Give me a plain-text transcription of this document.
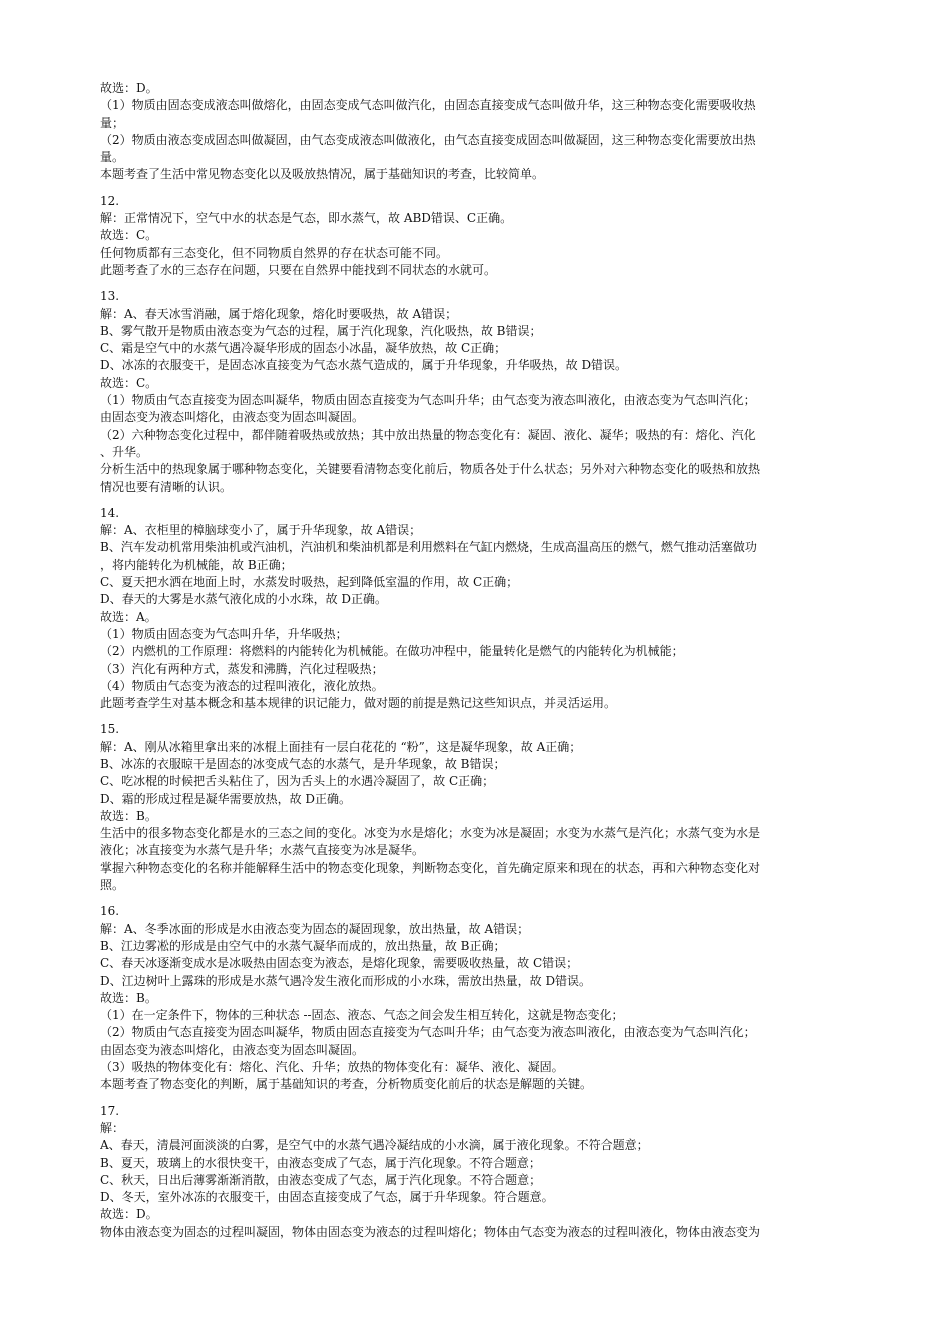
故选：D。
（1）物质由固态变成液态叫做熔化，由固态变成气态叫做汽化，由固态直接变成气态叫做升华，这三种物态变化需要吸收热
量；
（2）物质由液态变成固态叫做凝固，由气态变成液态叫做液化，由气态直接变成固态叫做凝固，这三种物态变化需要放出热
量。
本题考查了生活中常见物态变化以及吸放热情况，属于基础知识的考查，比较简单。
12.
解：正常情况下，空气中水的状态是气态，即水蒸气，故 ABD错误、C正确。
故选：C。
任何物质都有三态变化，但不同物质自然界的存在状态可能不同。
此题考查了水的三态存在问题，只要在自然界中能找到不同状态的水就可。
13.
解：A、春天冰雪消融，属于熔化现象，熔化时要吸热，故 A错误；
B、雾气散开是物质由液态变为气态的过程，属于汽化现象，汽化吸热，故 B错误；
C、霜是空气中的水蒸气遇冷凝华形成的固态小冰晶，凝华放热，故 C正确；
D、冰冻的衣服变干，是固态冰直接变为气态水蒸气造成的，属于升华现象，升华吸热，故 D错误。
故选：C。
（1）物质由气态直接变为固态叫凝华，物质由固态直接变为气态叫升华；由气态变为液态叫液化，由液态变为气态叫汽化；
由固态变为液态叫熔化，由液态变为固态叫凝固。
（2）六种物态变化过程中，都伴随着吸热或放热；其中放出热量的物态变化有：凝固、液化、凝华；吸热的有：熔化、汽化
、升华。
分析生活中的热现象属于哪种物态变化，关键要看清物态变化前后，物质各处于什么状态；另外对六种物态变化的吸热和放热
情况也要有清晰的认识。
14.
解：A、衣柜里的樟脑球变小了，属于升华现象，故 A错误；
B、汽车发动机常用柴油机或汽油机，汽油机和柴油机都是利用燃料在气缸内燃烧，生成高温高压的燃气，燃气推动活塞做功
，将内能转化为机械能，故 B正确；
C、夏天把水洒在地面上时，水蒸发时吸热，起到降低室温的作用，故 C正确；
D、春天的大雾是水蒸气液化成的小水珠，故 D正确。
故选：A。
（1）物质由固态变为气态叫升华，升华吸热；
（2）内燃机的工作原理：将燃料的内能转化为机械能。在做功冲程中，能量转化是燃气的内能转化为机械能；
（3）汽化有两种方式，蒸发和沸腾，汽化过程吸热；
（4）物质由气态变为液态的过程叫液化，液化放热。
此题考查学生对基本概念和基本规律的识记能力，做对题的前提是熟记这些知识点，并灵活运用。
15.
解：A、刚从冰箱里拿出来的冰棍上面挂有一层白花花的 “粉”，这是凝华现象，故 A正确；
B、冰冻的衣服晾干是固态的冰变成气态的水蒸气，是升华现象，故 B错误；
C、吃冰棍的时候把舌头粘住了，因为舌头上的水遇冷凝固了，故 C正确；
D、霜的形成过程是凝华需要放热，故 D正确。
故选：B。
生活中的很多物态变化都是水的三态之间的变化。冰变为水是熔化；水变为冰是凝固；水变为水蒸气是汽化；水蒸气变为水是
液化；冰直接变为水蒸气是升华；水蒸气直接变为冰是凝华。
掌握六种物态变化的名称并能解释生活中的物态变化现象，判断物态变化，首先确定原来和现在的状态，再和六种物态变化对
照。
16.
解：A、冬季冰面的形成是水由液态变为固态的凝固现象，放出热量，故 A错误；
B、江边雾凇的形成是由空气中的水蒸气凝华而成的，放出热量，故 B正确；
C、春天冰逐渐变成水是冰吸热由固态变为液态，是熔化现象，需要吸收热量，故 C错误；
D、江边树叶上露珠的形成是水蒸气遇冷发生液化而形成的小水珠，需放出热量，故 D错误。
故选：B。
（1）在一定条件下，物体的三种状态 --固态、液态、气态之间会发生相互转化，这就是物态变化；
（2）物质由气态直接变为固态叫凝华，物质由固态直接变为气态叫升华；由气态变为液态叫液化，由液态变为气态叫汽化；
由固态变为液态叫熔化，由液态变为固态叫凝固。
（3）吸热的物体变化有：熔化、汽化、升华；放热的物体变化有：凝华、液化、凝固。
本题考查了物态变化的判断，属于基础知识的考查，分析物质变化前后的状态是解题的关键。
17.
解：
A、春天，清晨河面淡淡的白雾，是空气中的水蒸气遇冷凝结成的小水滴，属于液化现象。不符合题意；
B、夏天，玻璃上的水很快变干，由液态变成了气态，属于汽化现象。不符合题意；
C、秋天，日出后薄雾渐渐消散，由液态变成了气态，属于汽化现象。不符合题意；
D、冬天，室外冰冻的衣服变干，由固态直接变成了气态，属于升华现象。符合题意。
故选：D。
物体由液态变为固态的过程叫凝固，物体由固态变为液态的过程叫熔化；物体由气态变为液态的过程叫液化，物体由液态变为
